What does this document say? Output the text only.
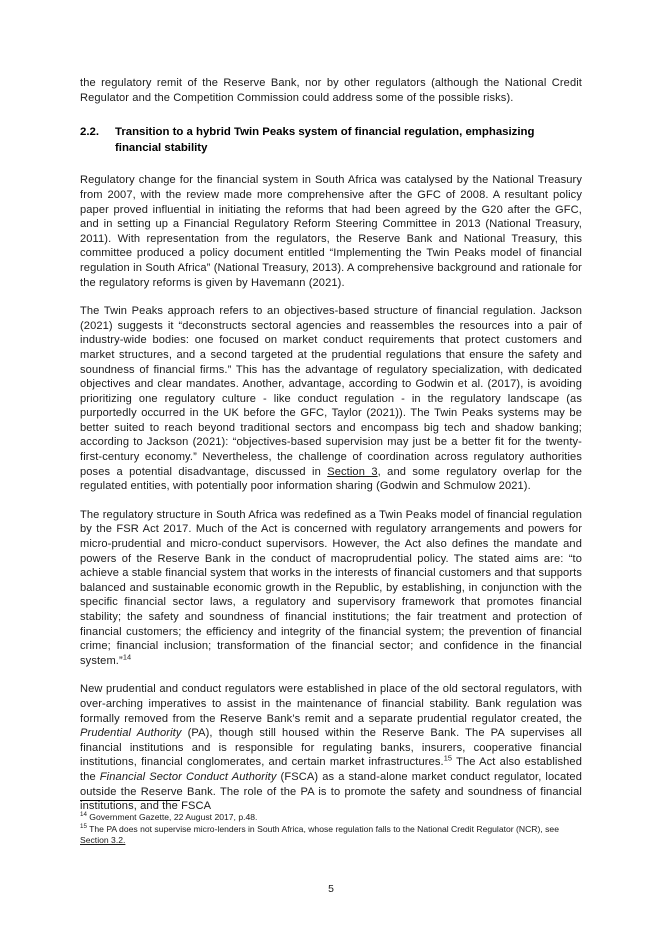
the regulatory remit of the Reserve Bank, nor by other regulators (although the National Credit Regulator and the Competition Commission could address some of the possible risks).

2.2.	Transition to a hybrid Twin Peaks system of financial regulation, emphasizing financial stability

Regulatory change for the financial system in South Africa was catalysed by the National Treasury from 2007, with the review made more comprehensive after the GFC of 2008. A resultant policy paper proved influential in initiating the reforms that had been agreed by the G20 after the GFC, and in setting up a Financial Regulatory Reform Steering Committee in 2013 (National Treasury, 2011). With representation from the regulators, the Reserve Bank and National Treasury, this committee produced a policy document entitled “Implementing the Twin Peaks model of financial regulation in South Africa” (National Treasury, 2013). A comprehensive background and rationale for the regulatory reforms is given by Havemann (2021).

The Twin Peaks approach refers to an objectives-based structure of financial regulation. Jackson (2021) suggests it “deconstructs sectoral agencies and reassembles the resources into a pair of industry-wide bodies: one focused on market conduct requirements that protect customers and market structures, and a second targeted at the prudential regulations that ensure the safety and soundness of financial firms.” This has the advantage of regulatory specialization, with dedicated objectives and clear mandates. Another, advantage, according to Godwin et al. (2017), is avoiding prioritizing one regulatory culture - like conduct regulation - in the regulatory landscape (as purportedly occurred in the UK before the GFC, Taylor (2021)). The Twin Peaks systems may be better suited to reach beyond traditional sectors and encompass big tech and shadow banking; according to Jackson (2021): “objectives-based supervision may just be a better fit for the twenty-first-century economy.” Nevertheless, the challenge of coordination across regulatory authorities poses a potential disadvantage, discussed in Section 3, and some regulatory overlap for the regulated entities, with potentially poor information sharing (Godwin and Schmulow 2021).

The regulatory structure in South Africa was redefined as a Twin Peaks model of financial regulation by the FSR Act 2017. Much of the Act is concerned with regulatory arrangements and powers for micro-prudential and micro-conduct supervisors. However, the Act also defines the mandate and powers of the Reserve Bank in the conduct of macroprudential policy. The stated aims are: “to achieve a stable financial system that works in the interests of financial customers and that supports balanced and sustainable economic growth in the Republic, by establishing, in conjunction with the specific financial sector laws, a regulatory and supervisory framework that promotes financial stability; the safety and soundness of financial institutions; the fair treatment and protection of financial customers; the efficiency and integrity of the financial system; the prevention of financial crime; financial inclusion; transformation of the financial sector; and confidence in the financial system.”$^{14}$

New prudential and conduct regulators were established in place of the old sectoral regulators, with over-arching imperatives to assist in the maintenance of financial stability. Bank regulation was formally removed from the Reserve Bank’s remit and a separate prudential regulator created, the Prudential Authority (PA), though still housed within the Reserve Bank. The PA supervises all financial institutions and is responsible for regulating banks, insurers, cooperative financial institutions, financial conglomerates, and certain market infrastructures.$^{15}$ The Act also established the Financial Sector Conduct Authority (FSCA) as a stand-alone market conduct regulator, located outside the Reserve Bank. The role of the PA is to promote the safety and soundness of financial institutions, and the FSCA

$^{14}$ Government Gazette, 22 August 2017, p.48.

$^{15}$ The PA does not supervise micro-lenders in South Africa, whose regulation falls to the National Credit Regulator (NCR), see Section 3.2.

5
